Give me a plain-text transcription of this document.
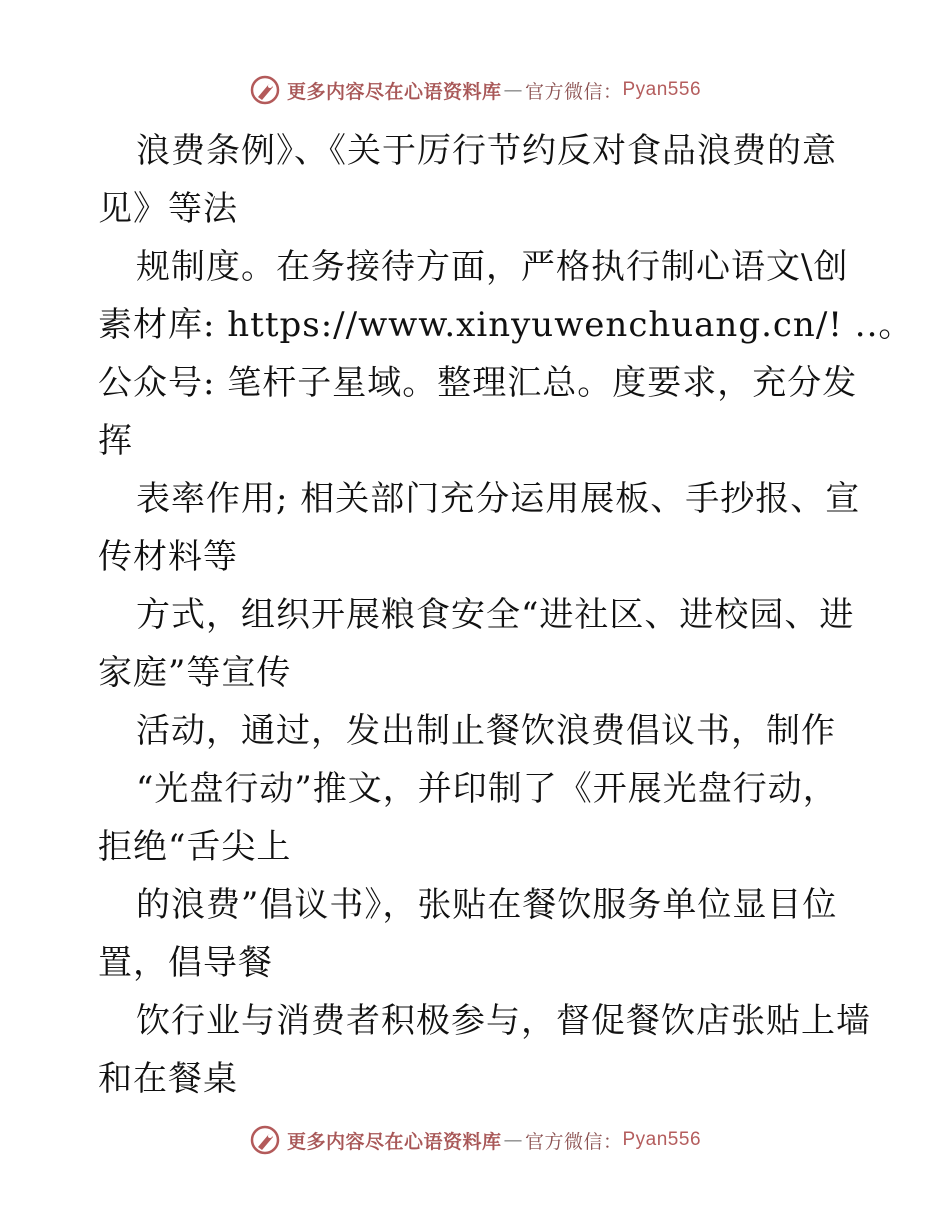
更多内容尽在心语资料库 — 官方微信： Pyan556
浪费条例》、《关于厉行节约反对食品浪费的意
见》等法
规制度。在务接待方面，严格执行制心语文\创
素材库: https://www.xinyuwenchuang.cn/! ..。
公众号: 笔杆子星域。整理汇总。度要求，充分发
挥
表率作用; 相关部门充分运用展板、手抄报、宣
传材料等
方式，组织开展粮食安全“进社区、进校园、进
家庭”等宣传
活动，通过，发出制止餐饮浪费倡议书，制作
“光盘行动”推文，并印制了《开展光盘行动，
拒绝“舌尖上
的浪费”倡议书》，张贴在餐饮服务单位显目位
置，倡导餐
饮行业与消费者积极参与，督促餐饮店张贴上墙
和在餐桌
更多内容尽在心语资料库 — 官方微信： Pyan556
